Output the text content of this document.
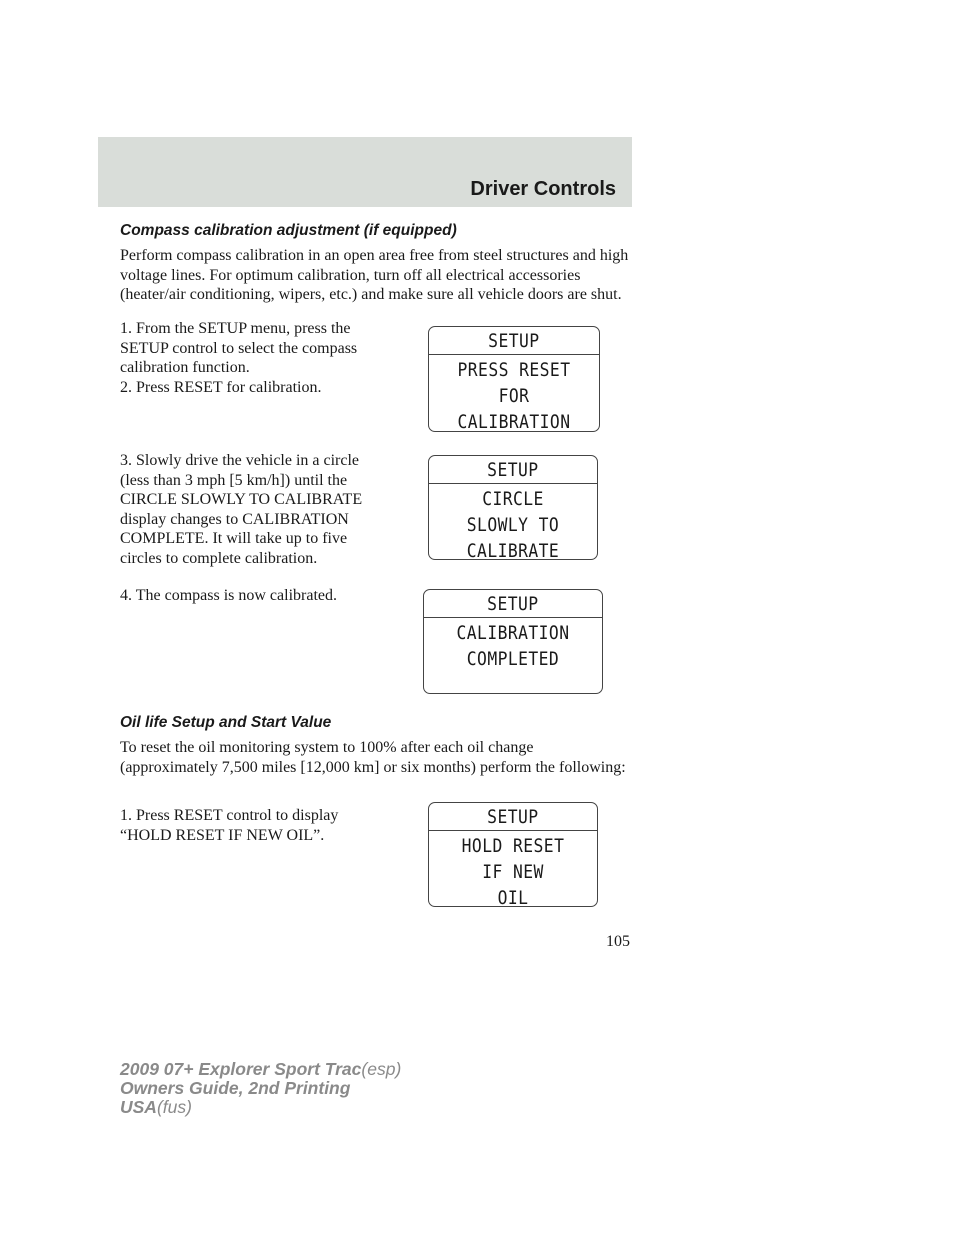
Driver Controls
Compass calibration adjustment (if equipped)

Perform compass calibration in an open area free from steel structures and high voltage lines. For optimum calibration, turn off all electrical accessories (heater/air conditioning, wipers, etc.) and make sure all vehicle doors are shut.

1. From the SETUP menu, press the SETUP control to select the compass calibration function.

2. Press RESET for calibration.

3. Slowly drive the vehicle in a circle (less than 3 mph [5 km/h]) until the CIRCLE SLOWLY TO CALIBRATE display changes to CALIBRATION COMPLETE. It will take up to five circles to complete calibration.

4. The compass is now calibrated.

SETUP
PRESS RESET
FOR
CALIBRATION
SETUP
CIRCLE
SLOWLY TO
CALIBRATE
SETUP
CALIBRATION
COMPLETED
Oil life Setup and Start Value

To reset the oil monitoring system to 100% after each oil change (approximately 7,500 miles [12,000 km] or six months) perform the following:

1. Press RESET control to display “HOLD RESET IF NEW OIL”.

SETUP
HOLD RESET
IF NEW
OIL

105

2009 07+ Explorer Sport Trac(esp)
Owners Guide, 2nd Printing
USA(fus)
